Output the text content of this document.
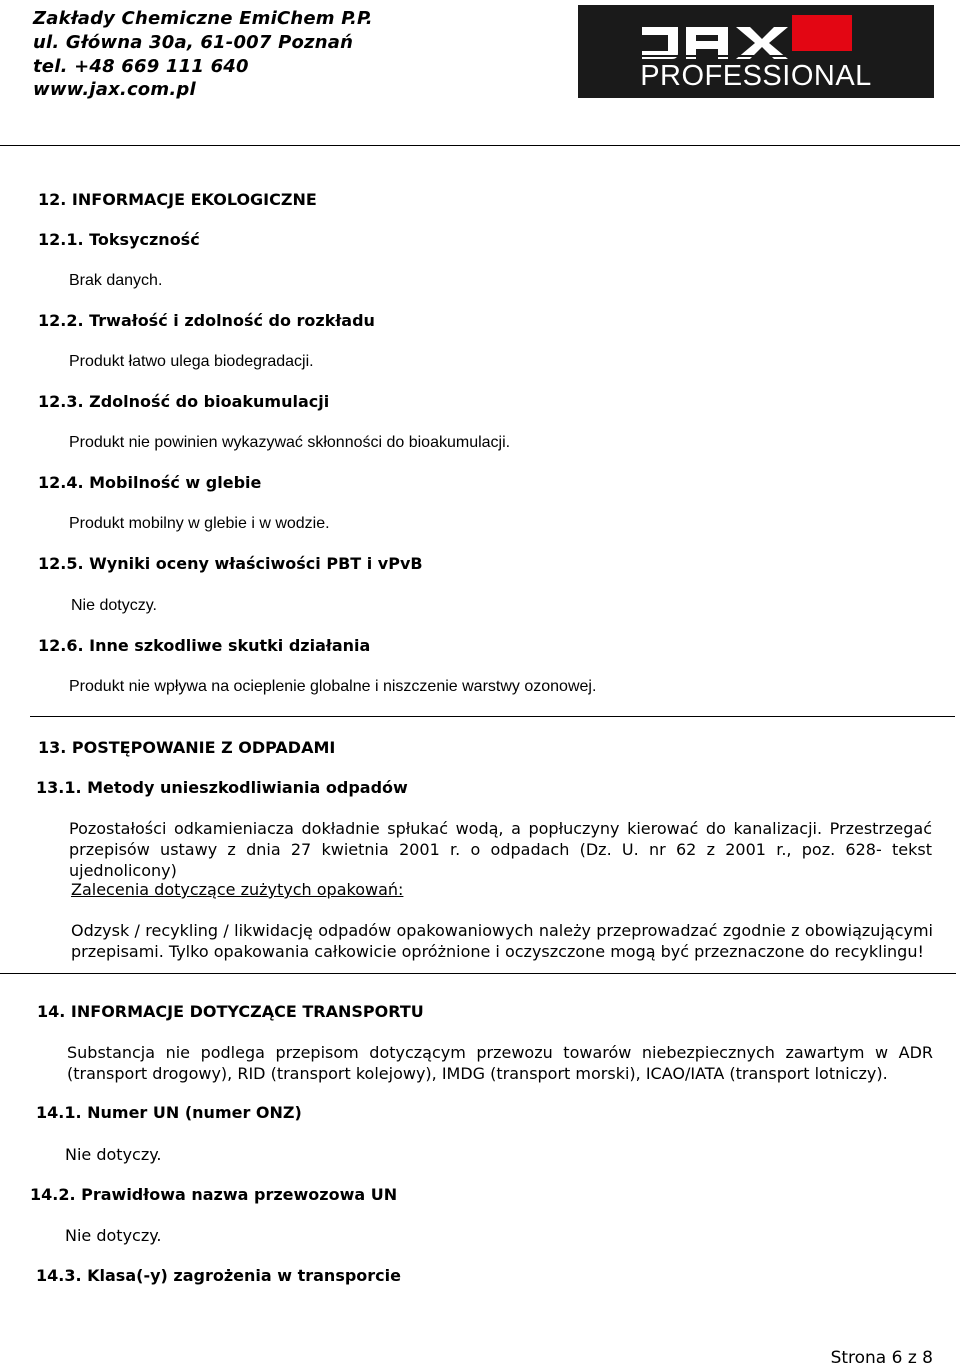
Zakłady Chemiczne EmiChem P.P.
ul. Główna 30a, 61-007 Poznań
tel. +48 669 111 640
www.jax.com.pl	PROFESSIONAL
12. INFORMACJE EKOLOGICZNE
12.1. Toksyczność
Brak danych.
12.2. Trwałość i zdolność do rozkładu
Produkt łatwo ulega biodegradacji.
12.3. Zdolność do bioakumulacji
Produkt nie powinien wykazywać skłonności do bioakumulacji.
12.4. Mobilność w glebie
Produkt mobilny w glebie i w wodzie.
12.5. Wyniki oceny właściwości PBT i vPvB
Nie dotyczy.
12.6. Inne szkodliwe skutki działania
Produkt nie wpływa na ocieplenie globalne i niszczenie warstwy ozonowej.
13. POSTĘPOWANIE Z ODPADAMI
13.1. Metody unieszkodliwiania odpadów
Pozostałości odkamieniacza dokładnie spłukać wodą, a popłuczyny kierować do kanalizacji. Przestrzegać przepisów ustawy z dnia 27 kwietnia 2001 r. o odpadach (Dz. U. nr 62 z 2001 r., poz. 628- tekst ujednolicony)
Zalecenia dotyczące zużytych opakowań:
Odzysk / recykling / likwidację odpadów opakowaniowych należy przeprowadzać zgodnie z obowiązującymi przepisami. Tylko opakowania całkowicie opróżnione i oczyszczone mogą być przeznaczone do recyklingu!
14. INFORMACJE DOTYCZĄCE TRANSPORTU
Substancja nie podlega przepisom dotyczącym przewozu towarów niebezpiecznych zawartym w ADR (transport drogowy), RID (transport kolejowy), IMDG (transport morski), ICAO/IATA (transport lotniczy).
14.1. Numer UN (numer ONZ)
Nie dotyczy.
14.2. Prawidłowa nazwa przewozowa UN
Nie dotyczy.
14.3. Klasa(-y) zagrożenia w transporcie
Strona 6 z 8
